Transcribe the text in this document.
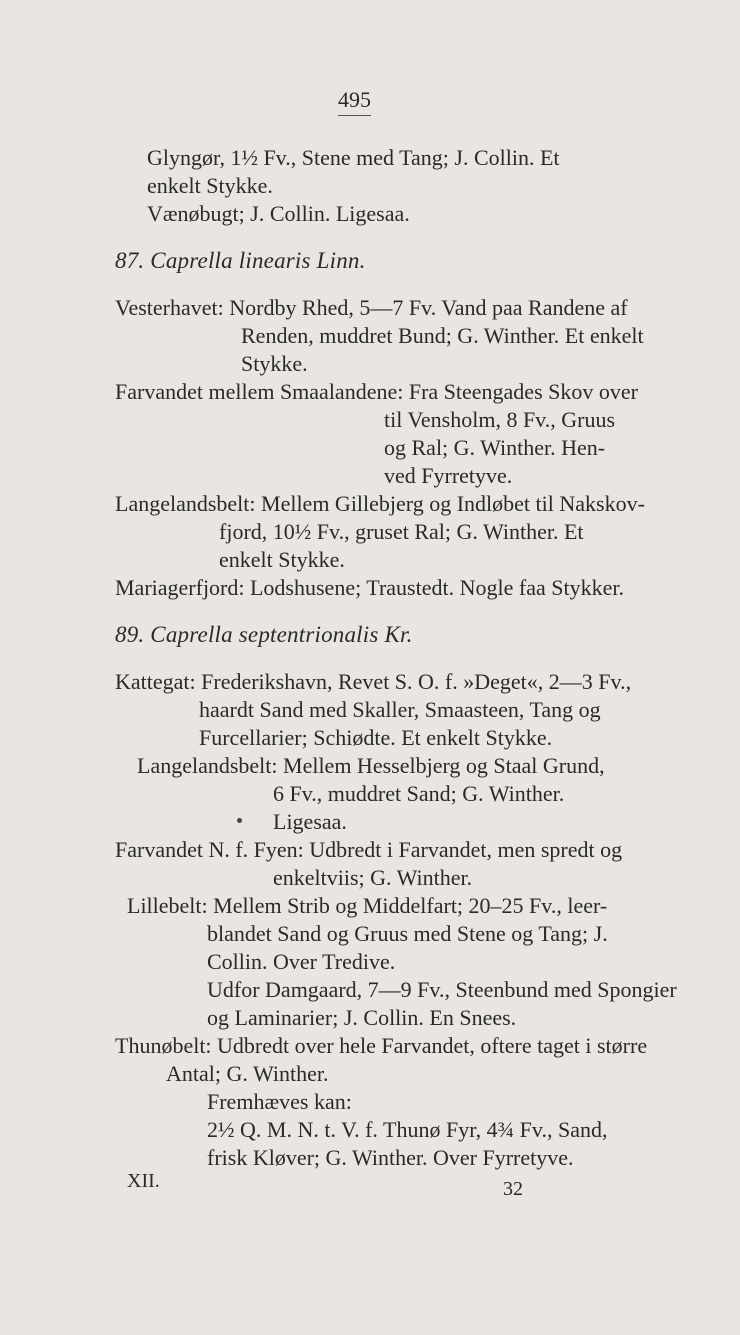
495
Glyngør, 1½ Fv., Stene med Tang; J. Collin. Et
enkelt Stykke.
Vænøbugt; J. Collin. Ligesaa.
87. Caprella linearis Linn.
Vesterhavet: Nordby Rhed, 5—7 Fv. Vand paa Randene af
Renden, muddret Bund; G. Winther. Et enkelt
Stykke.
Farvandet mellem Smaalandene: Fra Steengades Skov over
til Vensholm, 8 Fv., Gruus
og Ral; G. Winther. Hen-
ved Fyrretyve.
Langelandsbelt: Mellem Gillebjerg og Indløbet til Nakskov-
fjord, 10½ Fv., gruset Ral; G. Winther. Et
enkelt Stykke.
Mariagerfjord: Lodshusene; Traustedt. Nogle faa Stykker.
89. Caprella septentrionalis Kr.
Kattegat: Frederikshavn, Revet S. O. f. »Deget«, 2—3 Fv.,
haardt Sand med Skaller, Smaasteen, Tang og
Furcellarier; Schiødte. Et enkelt Stykke.
Langelandsbelt: Mellem Hesselbjerg og Staal Grund,
6 Fv., muddret Sand; G. Winther.
Ligesaa.
Farvandet N. f. Fyen: Udbredt i Farvandet, men spredt og
enkeltviis; G. Winther.
Lillebelt: Mellem Strib og Middelfart; 20–25 Fv., leer-
blandet Sand og Gruus med Stene og Tang; J.
Collin. Over Tredive.
Udfor Damgaard, 7—9 Fv., Steenbund med Spongier
og Laminarier; J. Collin. En Snees.
Thunøbelt: Udbredt over hele Farvandet, oftere taget i større
Antal; G. Winther.
Fremhæves kan:
2½ Q. M. N. t. V. f. Thunø Fyr, 4¾ Fv., Sand,
frisk Kløver; G. Winther. Over Fyrretyve.
XII.	32
